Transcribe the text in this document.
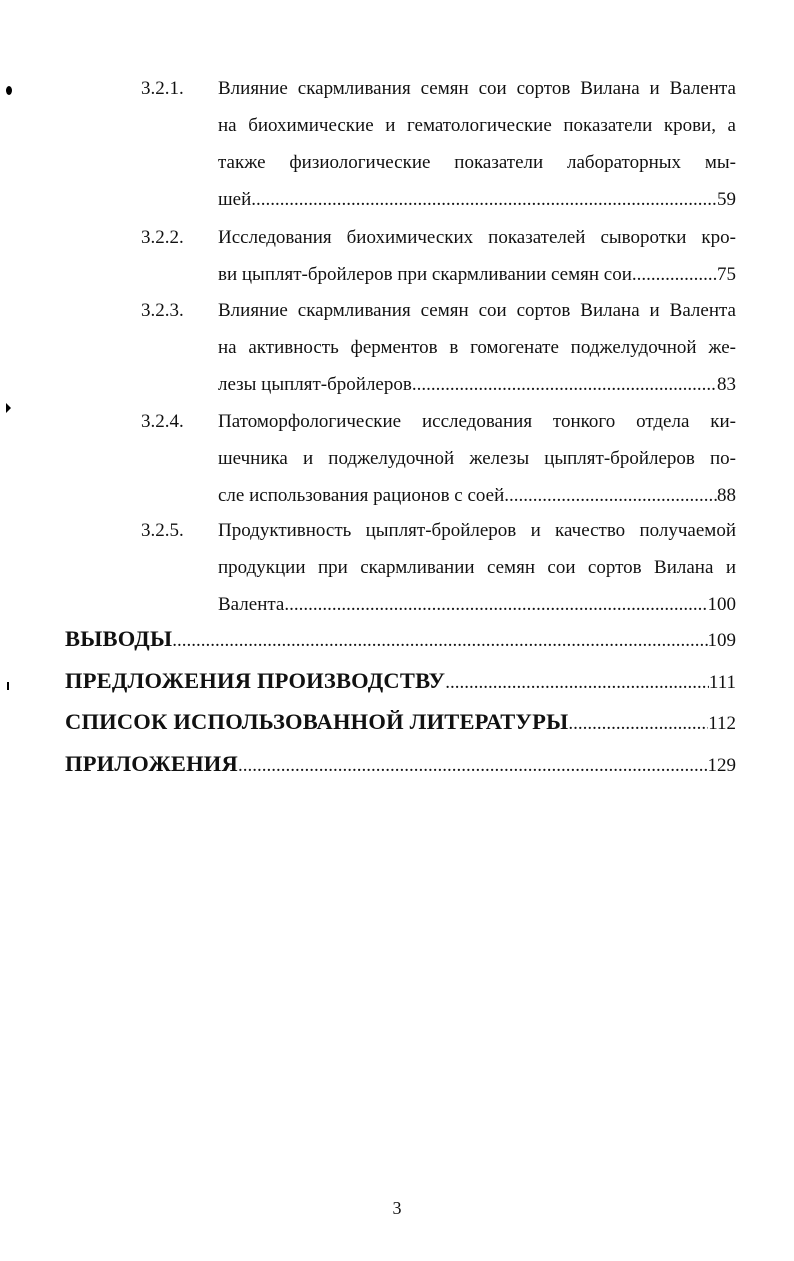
3.2.1. Влияние скармливания семян сои сортов Вилана и Валента
на биохимические и гематологические показатели крови, а
также физиологические показатели лабораторных мы-
шей .....	59
3.2.2. Исследования биохимических показателей сыворотки кро-
ви цыплят-бройлеров при скармливании семян сои .....	75
3.2.3. Влияние скармливания семян сои сортов Вилана и Валента
на активность ферментов в гомогенате поджелудочной же-
лезы цыплят-бройлеров .....	83
3.2.4. Патоморфологические исследования тонкого отдела ки-
шечника и поджелудочной железы цыплят-бройлеров по-
сле использования рационов с соей .....	88
3.2.5. Продуктивность цыплят-бройлеров и качество получаемой
продукции при скармливании семян сои сортов Вилана и
Валента .....	100
ВЫВОДЫ .....	109
ПРЕДЛОЖЕНИЯ ПРОИЗВОДСТВУ .....	111
СПИСОК ИСПОЛЬЗОВАННОЙ ЛИТЕРАТУРЫ .....	112
ПРИЛОЖЕНИЯ .....	129
3
